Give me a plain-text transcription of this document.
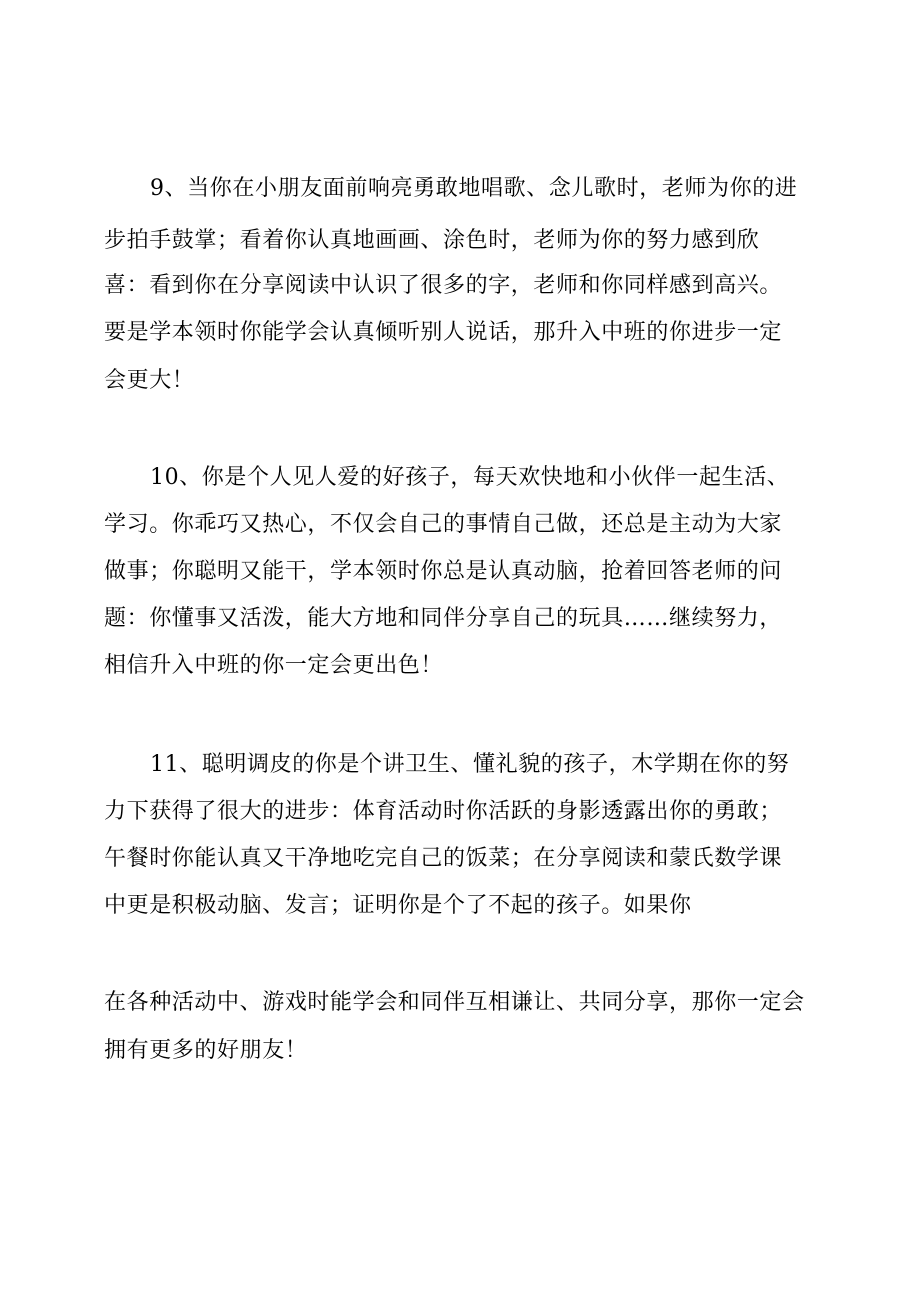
9、当你在小朋友面前响亮勇敢地唱歌、念儿歌时，老师为你的进
步拍手鼓掌；看着你认真地画画、涂色时，老师为你的努力感到欣
喜：看到你在分享阅读中认识了很多的字，老师和你同样感到高兴。
要是学本领时你能学会认真倾听别人说话，那升入中班的你进步一定
会更大！
10、你是个人见人爱的好孩子，每天欢快地和小伙伴一起生活、
学习。你乖巧又热心，不仅会自己的事情自己做，还总是主动为大家
做事；你聪明又能干，学本领时你总是认真动脑，抢着回答老师的问
题：你懂事又活泼，能大方地和同伴分享自己的玩具……继续努力，
相信升入中班的你一定会更出色！
11、聪明调皮的你是个讲卫生、懂礼貌的孩子，木学期在你的努
力下获得了很大的进步：体育活动时你活跃的身影透露出你的勇敢；
午餐时你能认真又干净地吃完自己的饭菜；在分享阅读和蒙氏数学课
中更是积极动脑、发言；证明你是个了不起的孩子。如果你
在各种活动中、游戏时能学会和同伴互相谦让、共同分享，那你一定会
拥有更多的好朋友！
